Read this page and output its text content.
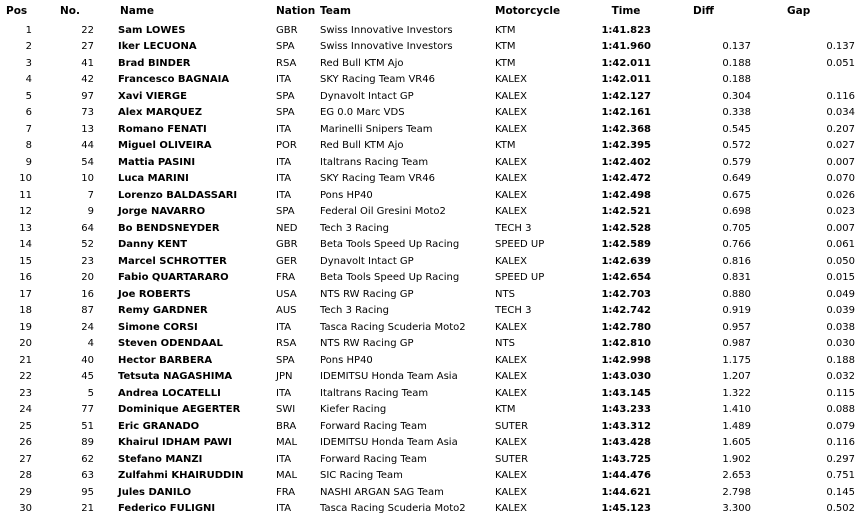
Pos	No.	Name	Nation	Team	Motorcycle	Time	Diff	Gap
1	22	Sam LOWES	GBR	Swiss Innovative Investors	KTM	1:41.823		
2	27	Iker LECUONA	SPA	Swiss Innovative Investors	KTM	1:41.960	0.137	0.137
3	41	Brad BINDER	RSA	Red Bull KTM Ajo	KTM	1:42.011	0.188	0.051
4	42	Francesco BAGNAIA	ITA	SKY Racing Team VR46	KALEX	1:42.011	0.188	
5	97	Xavi VIERGE	SPA	Dynavolt Intact GP	KALEX	1:42.127	0.304	0.116
6	73	Alex MARQUEZ	SPA	EG 0.0 Marc VDS	KALEX	1:42.161	0.338	0.034
7	13	Romano FENATI	ITA	Marinelli Snipers Team	KALEX	1:42.368	0.545	0.207
8	44	Miguel OLIVEIRA	POR	Red Bull KTM Ajo	KTM	1:42.395	0.572	0.027
9	54	Mattia PASINI	ITA	Italtrans Racing Team	KALEX	1:42.402	0.579	0.007
10	10	Luca MARINI	ITA	SKY Racing Team VR46	KALEX	1:42.472	0.649	0.070
11	7	Lorenzo BALDASSARI	ITA	Pons HP40	KALEX	1:42.498	0.675	0.026
12	9	Jorge NAVARRO	SPA	Federal Oil Gresini Moto2	KALEX	1:42.521	0.698	0.023
13	64	Bo BENDSNEYDER	NED	Tech 3 Racing	TECH 3	1:42.528	0.705	0.007
14	52	Danny KENT	GBR	Beta Tools Speed Up Racing	SPEED UP	1:42.589	0.766	0.061
15	23	Marcel SCHROTTER	GER	Dynavolt Intact GP	KALEX	1:42.639	0.816	0.050
16	20	Fabio QUARTARARO	FRA	Beta Tools Speed Up Racing	SPEED UP	1:42.654	0.831	0.015
17	16	Joe ROBERTS	USA	NTS RW Racing GP	NTS	1:42.703	0.880	0.049
18	87	Remy GARDNER	AUS	Tech 3 Racing	TECH 3	1:42.742	0.919	0.039
19	24	Simone CORSI	ITA	Tasca Racing Scuderia Moto2	KALEX	1:42.780	0.957	0.038
20	4	Steven ODENDAAL	RSA	NTS RW Racing GP	NTS	1:42.810	0.987	0.030
21	40	Hector BARBERA	SPA	Pons HP40	KALEX	1:42.998	1.175	0.188
22	45	Tetsuta NAGASHIMA	JPN	IDEMITSU Honda Team Asia	KALEX	1:43.030	1.207	0.032
23	5	Andrea LOCATELLI	ITA	Italtrans Racing Team	KALEX	1:43.145	1.322	0.115
24	77	Dominique AEGERTER	SWI	Kiefer Racing	KTM	1:43.233	1.410	0.088
25	51	Eric GRANADO	BRA	Forward Racing Team	SUTER	1:43.312	1.489	0.079
26	89	Khairul IDHAM PAWI	MAL	IDEMITSU Honda Team Asia	KALEX	1:43.428	1.605	0.116
27	62	Stefano MANZI	ITA	Forward Racing Team	SUTER	1:43.725	1.902	0.297
28	63	Zulfahmi KHAIRUDDIN	MAL	SIC Racing Team	KALEX	1:44.476	2.653	0.751
29	95	Jules DANILO	FRA	NASHI ARGAN SAG Team	KALEX	1:44.621	2.798	0.145
30	21	Federico FULIGNI	ITA	Tasca Racing Scuderia Moto2	KALEX	1:45.123	3.300	0.502
